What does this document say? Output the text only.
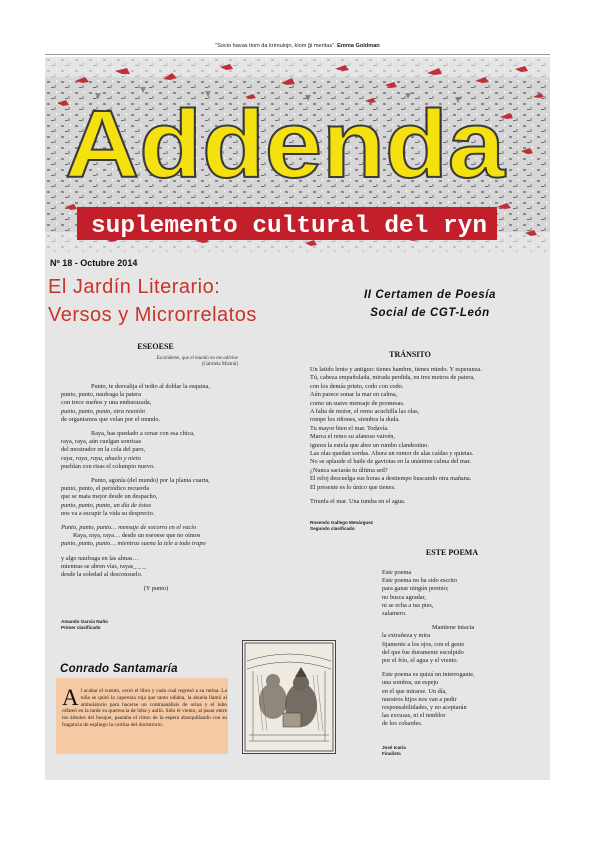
“Socio havas tiom da krimulojn, kiom ĝi meritas”. Emma Goldman
Addenda
suplemento cultural del ryn
Nº 18 - Octubre 2014
El Jardín Literario:
Versos y Microrrelatos
II Certamen de Poesía
Social de CGT-León
ESEOESE
Escóndeme, que el mundo no me adivine
(Gabriela Mistral)

Punto, te desvalija el tedio al doblar la esquina,
punto, punto, naufraga la patera
con trece sueños y una embarazada,
punto, punto, punto, otra reunión
de organismos que velan por el mundo.

Raya, has quedado a cenar con esa chica,
raya, raya, aún cuelgan sonrisas
del mostrador en la cola del paro,
raya, raya, raya, abuelo y nieto
pueblan con risas el columpio nuevo.

Punto, agonía (del mundo) por la planta cuarta,
punto, punto, el periódico recuerda
que se mata mejor desde un despacho,
punto, punto, punto, un día de éstos
nos va a escupir la vida su desprecio.

Punto, punto, punto… mensaje de socorro en el vacío
Raya, raya, raya… desde un eseoese que no oímos
punto, punto, punto… mientras suena la tele a todo trapo

y algo naufraga en las almas…
mientras se abren vías, rayas_ _ _
desde la soledad al desconsuelo.

(Y punto)

Amando García Nuño
Primer clasificado
TRÁNSITO

Un latido lento y antiguo: tienes hambre, tienes miedo. Y esperanza.
Tú, cabeza empañolada, mirada perdida, en tres metros de patera,
con los demás prieto, codo con codo.
Aún parece sonar la mar en calma,
como un suave mensaje de promesas.
A falta de motor, el remo acuchilla las olas,
rompe los riñones, siembra la duda.
Tu mayor bien el mar. Todavía.
Marca el remo su afanoso vaivén,
ignora la estela que abre un rumbo clandestino.
Las olas quedan sordas. Ahora un rumor de alas caídas y quietas.
No se aplaude el baile de gaviotas en la unánime calma del mar.
¿Nunca saciarás tu última sed?
El reloj descuelga sus horas a destiempo buscando otra mañana.
El presente es lo único que tienes.

Triunfa el mar. Una tumba en el agua.

Rosendo Gallego Menárguez
Segundo clasificado
ESTE POEMA

Este poema
Este poema no ha sido escrito
para ganar ningún premio;
no busca agradar,
ni se echa a tus pies,
zalamero.

Mantiene intacta
la extrañeza y mira
fijamente a los ojos, con el gesto
del que fue duramente esculpido
por el frío, el agua y el viento.

Este poema es quizá un interrogante,
una sombra, un espejo
en el que mirarse. Un día,
nuestros hijos nos van a pedir
responsabilidades, y no aceptarán
las excusas, ni el temblor
de los cobardes.

José Icaria
Finalista
Conrado Santamaría
Al acabar el cuento, cerró el libro y cada cual regresó a su rutina. La niña se quitó la caperuza roja que tanto odiaba, la abuela llamó al ambulatorio para hacerse un contraanálisis de orina y el lobo olfateó en la tarde su querencia de loba y aulló. Sólo el viento, al pasar entre los árboles del bosque, pautaba el ritmo de la espera abarquillando con su fragancia de espliego la cortina del dormitorio.
